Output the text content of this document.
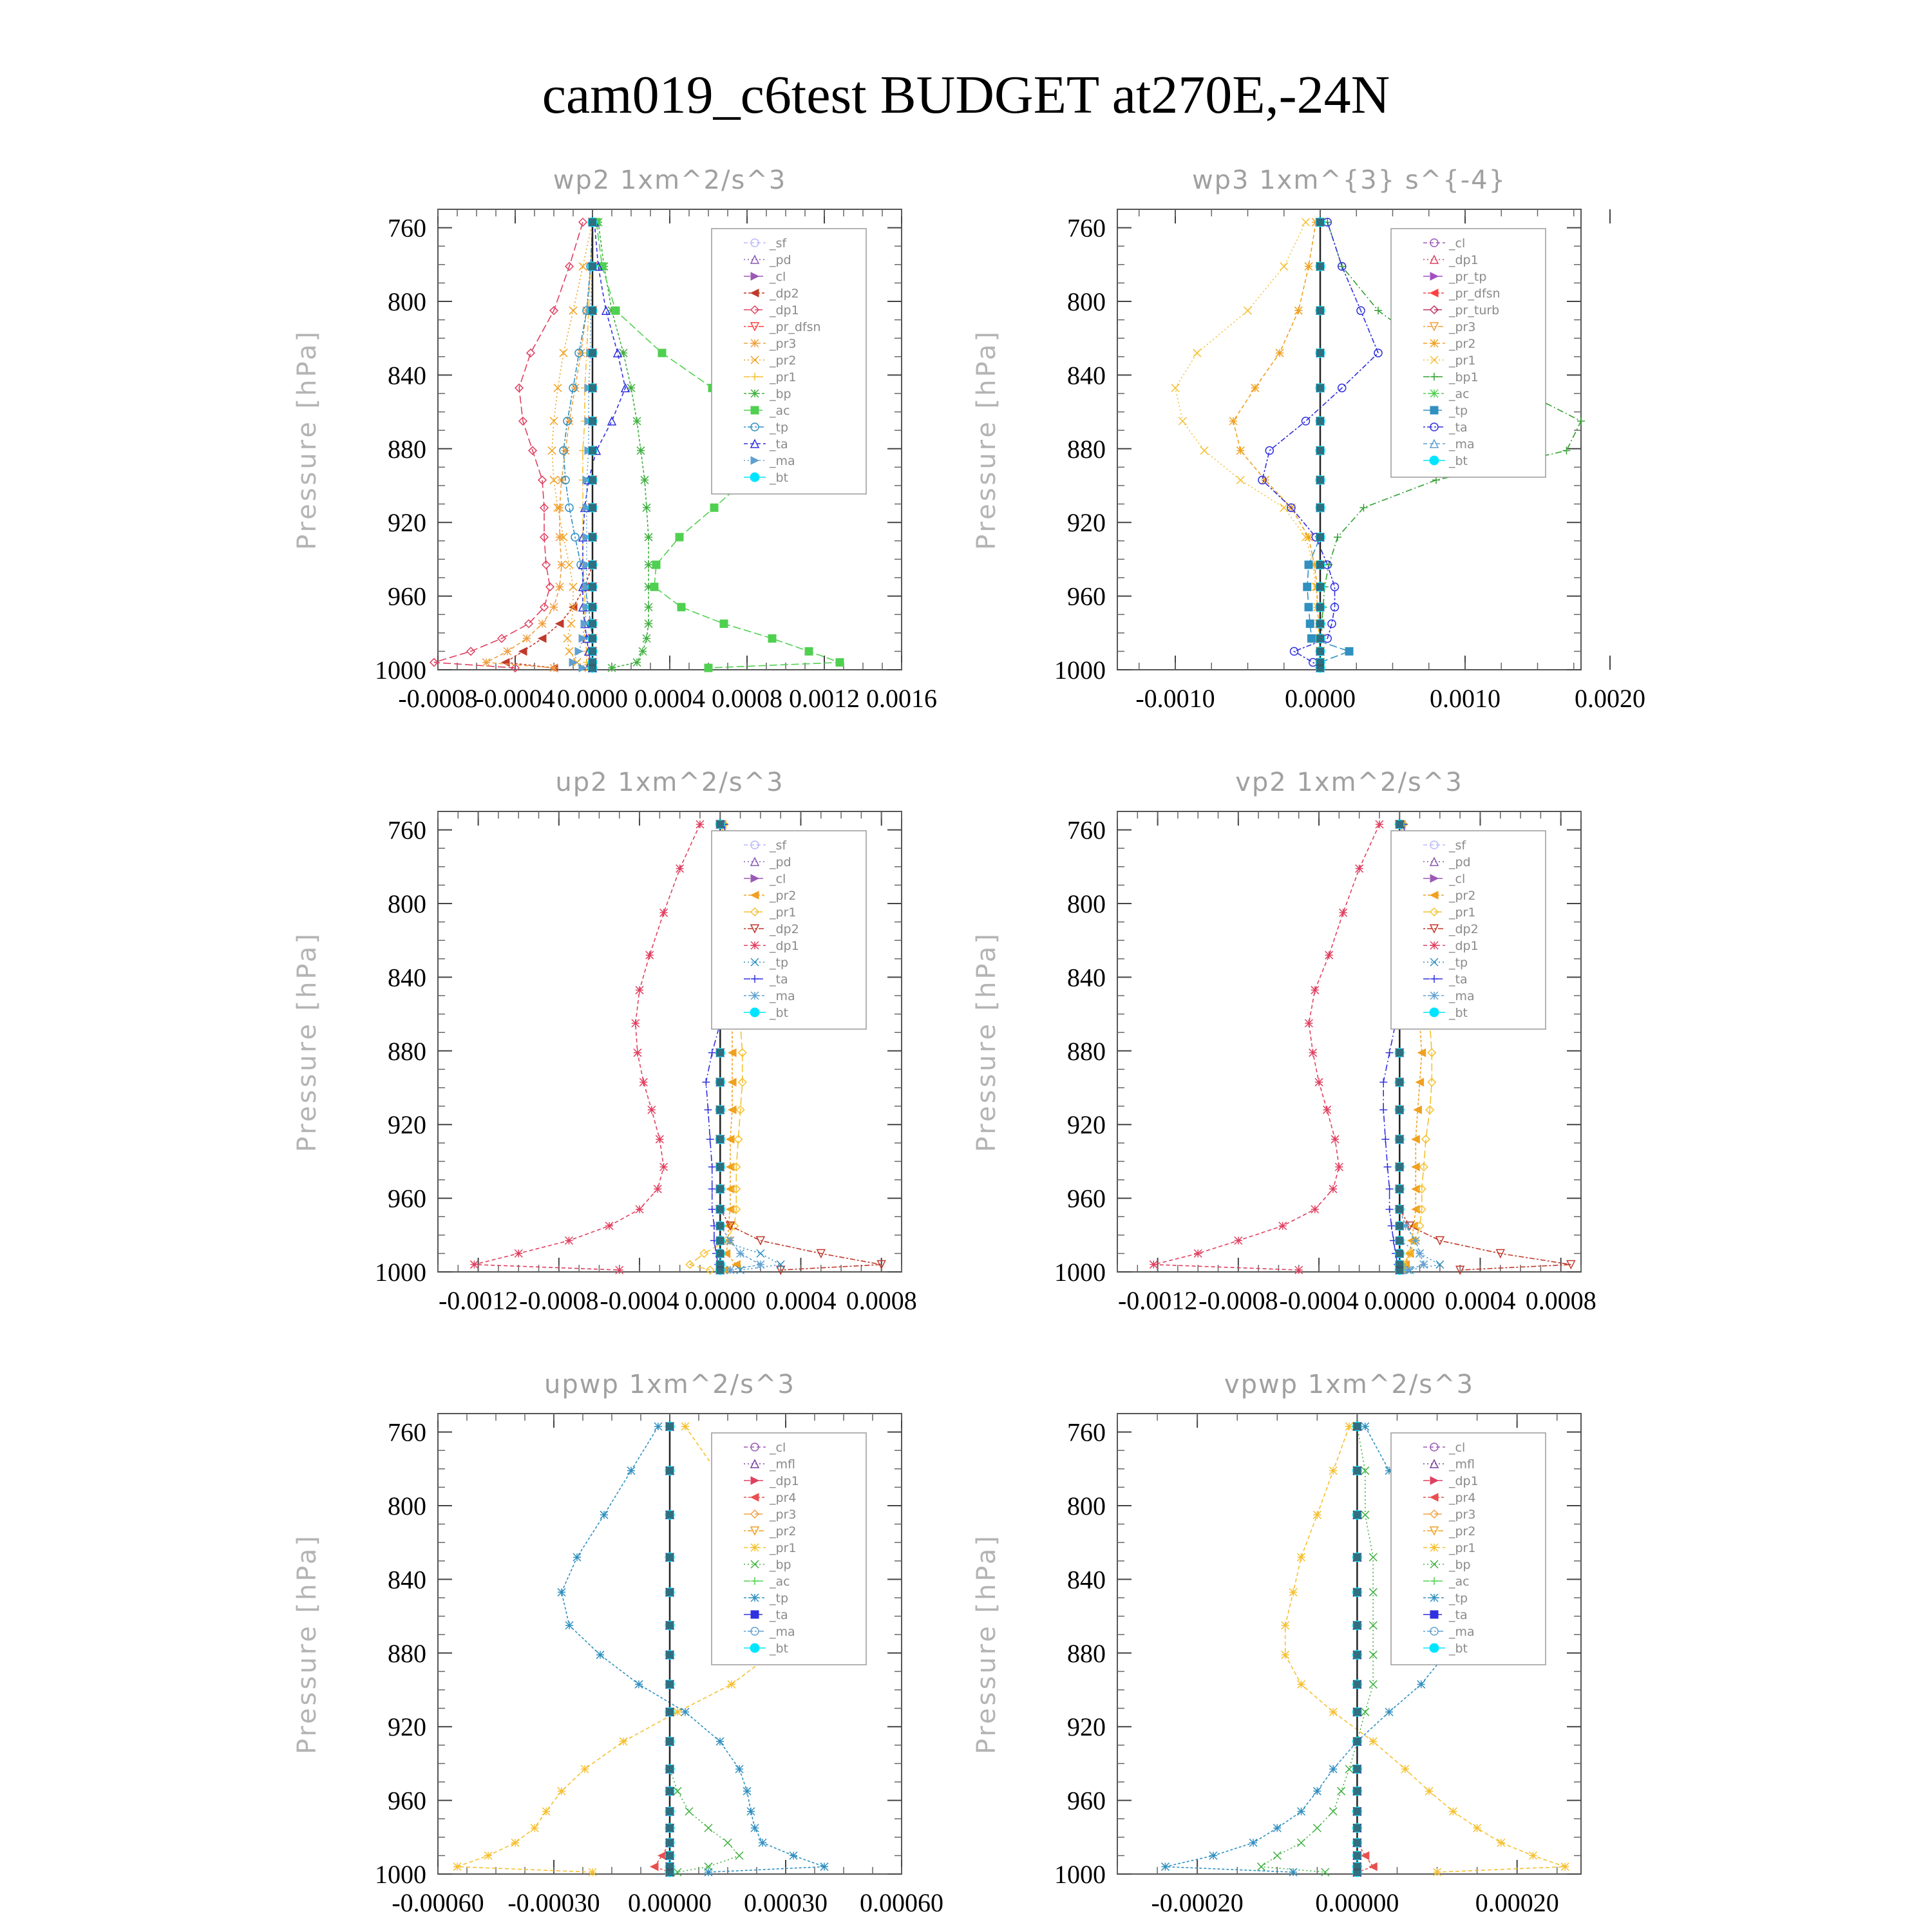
cam019_c6test BUDGET at270E,-24N
wp2 1xm^2/s^3
Pressure [hPa]
760
800
840
880
920
960
1000
-0.0008
-0.0004 0.0000 0.0004 0.0008 0.0012 0.0016
_sf
_pd
_cl
_dp2
_dp1
_pr_dfsn
_pr3
_pr2
_pr1
_bp
_ac
_tp
_ta
_ma
_bt
wp3 1xm^{3} s^{-4}
Pressure [hPa]
760
800
840
880
920
960
1000
-0.0010	0.0000	0.0010	0.0020
_cl
_dp1
_pr_tp
_pr_dfsn
_pr_turb
_pr3
_pr2
_pr1
_bp1
_ac
_tp
_ta
_ma
_bt
up2 1xm^2/s^3
Pressure [hPa]
760
800
840
880
920
960
1000
-0.0012 -0.0008 -0.0004 0.0000 0.0004 0.0008
_sf
_pd
_cl
_pr2
_pr1
_dp2
_dp1
_tp
_ta
_ma
_bt
vp2 1xm^2/s^3
Pressure [hPa]
760
800
840
880
920
960
1000
-0.0012 -0.0008 -0.0004 0.0000 0.0004 0.0008
_sf
_pd
_cl
_pr2
_pr1
_dp2
_dp1
_tp
_ta
_ma
_bt
upwp 1xm^2/s^3
Pressure [hPa]
760
800
840
880
920
960
1000
-0.00060 -0.00030 0.00000 0.00030 0.00060
_cl
_mfl
_dp1
_pr4
_pr3
_pr2
_pr1
_bp
_ac
_tp
_ta
_ma
_bt
vpwp 1xm^2/s^3
Pressure [hPa]
760
800
840
880
920
960
1000
-0.00020	0.00000	0.00020
_cl
_mfl
_dp1
_pr4
_pr3
_pr2
_pr1
_bp
_ac
_tp
_ta
_ma
_bt
